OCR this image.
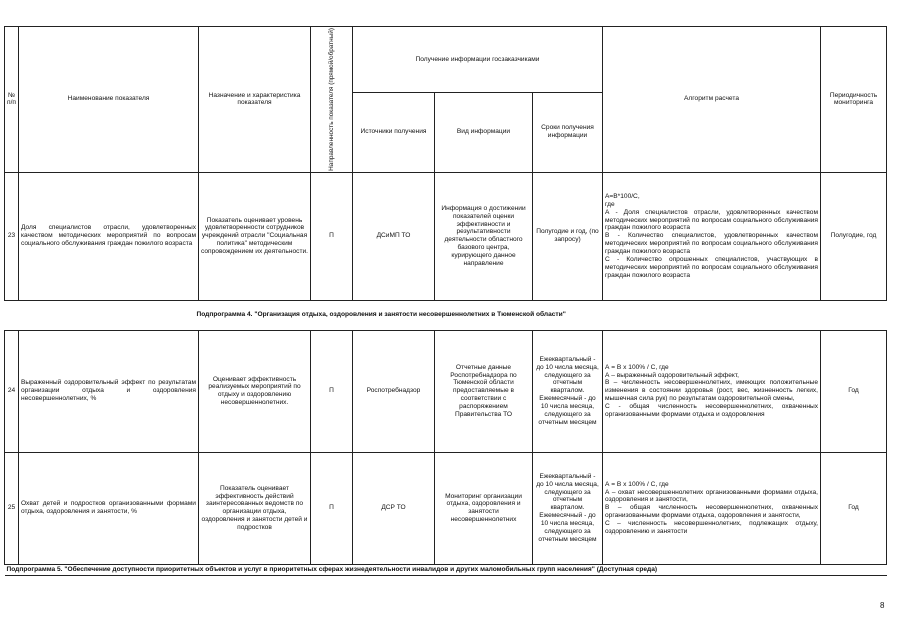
№ п/п	Наименование показателя	Назначение и характеристика показателя	Направленность показателя (прямой/обратный)	Получение информации госзаказчиками			Алгоритм расчета	Периодичность мониторинга
				Источники получения	Вид информации	Сроки получения информации		
23	Доля специалистов отрасли, удовлетворенных качеством методических мероприятий по вопросам социального обслуживания граждан пожилого возраста	Показатель оценивает уровень удовлетворенности сотрудников учреждений отрасли "Социальная политика" методическим сопровождением их деятельности.	П	ДСиМП ТО	Информация о достижении показателей оценки эффективности и результативности деятельности областного базового центра, курирующего данное направление	Полугодие и год, (по запросу)	А=В*100/С,
где
А - Доля специалистов отрасли, удовлетворенных качеством методических мероприятий по вопросам социального обслуживания граждан пожилого возраста
В - Количество специалистов, удовлетворенных качеством методических мероприятий по вопросам социального обслуживания граждан пожилого возраста
С - Количество опрошенных специалистов, участвующих в методических мероприятий по вопросам социального обслуживания граждан пожилого возраста	Полугодие, год
Подпрограмма 4. "Организация отдыха, оздоровления и занятости несовершеннолетних в Тюменской области"								
24	Выраженный оздоровительный эффект по результатам организации отдыха и оздоровления несовершеннолетних, %	Оценивает эффективность реализуемых мероприятий по отдыху и оздоровлению несовершеннолетних.	П	Роспотребнадзор	Отчетные данные Роспотребнадзора по Тюменской области предоставляемые в соответствии с распоряжением Правительства ТО	Ежеквартальный - до 10 числа месяца, следующего за отчетным кварталом. Ежемесячный - до 10 числа месяца, следующего за отчетным месяцем	А = В x 100% / С, где
А – выраженный оздоровительный эффект,
В – численность несовершеннолетних, имеющих положительные изменения в состоянии здоровья (рост, вес, жизненность легких, мышечная сила рук) по результатам оздоровительной смены,
С - общая численность несовершеннолетних, охваченных организованными формами отдыха и оздоровления	Год
25	Охват детей и подростков организованными формами отдыха, оздоровления и занятости, %	Показатель оценивает эффективность действий заинтересованных ведомств по организации отдыха, оздоровления и занятости детей и подростков	П	ДСР ТО	Мониторинг организации отдыха, оздоровления и занятости несовершеннолетних	Ежеквартальный - до 10 числа месяца, следующего за отчетным кварталом. Ежемесячный - до 10 числа месяца, следующего за отчетным месяцем	А = В x 100% / С, где
А – охват несовершеннолетних организованными формами отдыха, оздоровления и занятости,
В – общая численность несовершеннолетних, охваченных организованными формами отдыха, оздоровления и занятости,
С – численность несовершеннолетних, подлежащих отдыху, оздоровлению и занятости	Год
Подпрограмма 5. "Обеспечение доступности приоритетных объектов и услуг в приоритетных сферах жизнедеятельности инвалидов и других маломобильных групп населения" (Доступная среда)								
8
